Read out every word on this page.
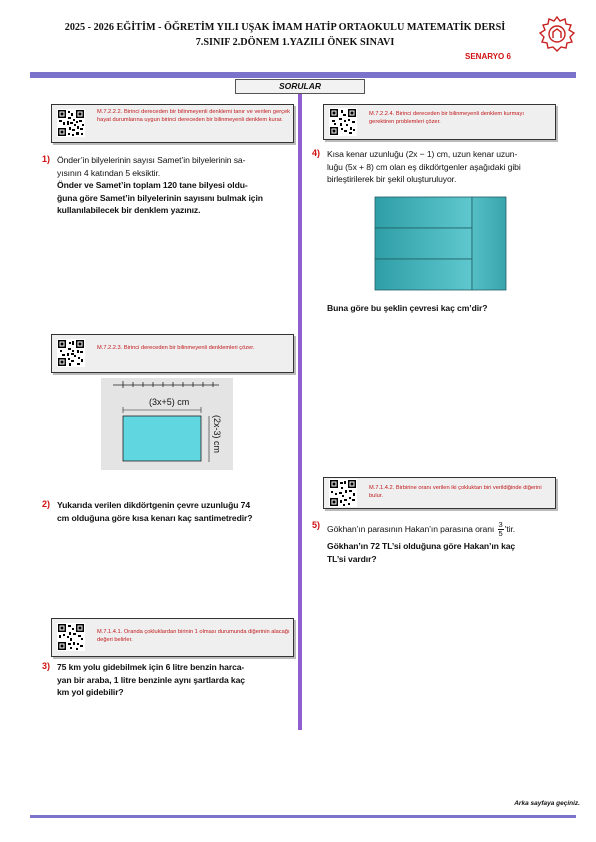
2025 - 2026 EĞİTİM - ÖĞRETİM YILI UŞAK İMAM HATİP ORTAOKULU MATEMATİK DERSİ
7.SINIF 2.DÖNEM 1.YAZILI ÖNEK SINAVI
SENARYO 6
SORULAR
M.7.2.2.2. Birinci dereceden bir bilinmeyenli denklemi tanır ve verilen gerçek hayat durumlarına uygun birinci dereceden bir bilinmeyenli denklem kurar.
1) Önder’in bilyelerinin sayısı Samet’in bilyelerinin sa-
yısının 4 katından 5 eksiktir.
Önder ve Samet’in toplam 120 tane bilyesi oldu-
ğuna göre Samet’in bilyelerinin sayısını bulmak için
kullanılabilecek bir denklem yazınız.
M.7.2.2.3. Birinci dereceden bir bilinmeyenli denklemleri çözer.
(3x+5) cm
(2x-3) cm
2) Yukarıda verilen dikdörtgenin çevre uzunluğu 74
cm olduğuna göre kısa kenarı kaç santimetredir?
M.7.1.4.1. Oranda çokluklardan birinin 1 olması durumunda diğerinin alacağı değeri belirler.
3) 75 km yolu gidebilmek için 6 litre benzin harca-
yan bir araba, 1 litre benzinle aynı şartlarda kaç
km yol gidebilir?
M.7.2.2.4. Birinci dereceden bir bilinmeyenli denklem kurmayı gerektiren problemleri çözer.
4) Kısa kenar uzunluğu (2x − 1) cm, uzun kenar uzun-
luğu (5x + 8) cm olan eş dikdörtgenler aşağıdaki gibi
birleştirilerek bir şekil oluşturuluyor.
Buna göre bu şeklin çevresi kaç cm’dir?
M.7.1.4.2. Birbirine oranı verilen iki çokluktan biri verildiğinde diğerini bulur.
5) Gökhan’ın parasının Hakan’ın parasına oranı $\frac{3}{5}$ ’tir.
Gökhan’ın 72 TL’si olduğuna göre Hakan’ın kaç
TL’si vardır?
Arka sayfaya geçiniz.
